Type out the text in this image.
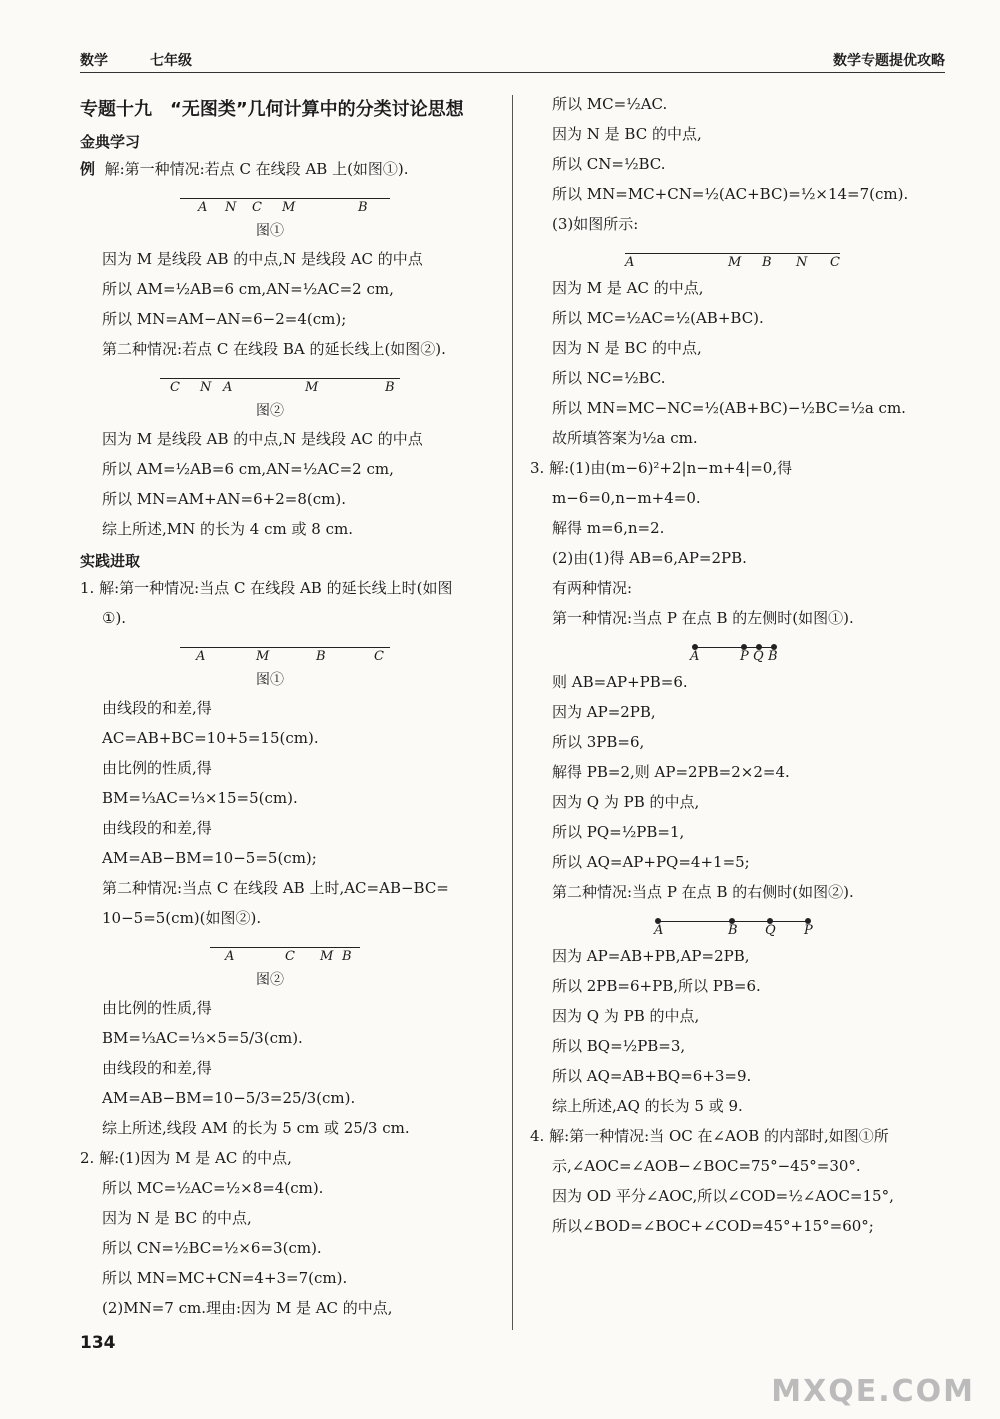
数学	七年级	数学专题提优攻略
专题十九　“无图类”几何计算中的分类讨论思想
金典学习
例 解:第一种情况:若点 C 在线段 AB 上(如图①).
A N C M	B
图①
因为 M 是线段 AB 的中点,N 是线段 AC 的中点
所以 AM=½AB=6 cm,AN=½AC=2 cm,
所以 MN=AM−AN=6−2=4(cm);
第二种情况:若点 C 在线段 BA 的延长线上(如图②).
C N A	M	B
图②
因为 M 是线段 AB 的中点,N 是线段 AC 的中点
所以 AM=½AB=6 cm,AN=½AC=2 cm,
所以 MN=AM+AN=6+2=8(cm).
综上所述,MN 的长为 4 cm 或 8 cm.
实践进取
1. 解:第一种情况:当点 C 在线段 AB 的延长线上时(如图
①).
A	M	B	C
图①
由线段的和差,得
AC=AB+BC=10+5=15(cm).
由比例的性质,得
BM=⅓AC=⅓×15=5(cm).
由线段的和差,得
AM=AB−BM=10−5=5(cm);
第二种情况:当点 C 在线段 AB 上时,AC=AB−BC=
10−5=5(cm)(如图②).
A	C M B
图②
由比例的性质,得
BM=⅓AC=⅓×5=5/3(cm).
由线段的和差,得
AM=AB−BM=10−5/3=25/3(cm).
综上所述,线段 AM 的长为 5 cm 或 25/3 cm.
2. 解:(1)因为 M 是 AC 的中点,
所以 MC=½AC=½×8=4(cm).
因为 N 是 BC 的中点,
所以 CN=½BC=½×6=3(cm).
所以 MN=MC+CN=4+3=7(cm).
(2)MN=7 cm.理由:因为 M 是 AC 的中点,
所以 MC=½AC.
因为 N 是 BC 的中点,
所以 CN=½BC.
所以 MN=MC+CN=½(AC+BC)=½×14=7(cm).
(3)如图所示:
A	M B N C
因为 M 是 AC 的中点,
所以 MC=½AC=½(AB+BC).
因为 N 是 BC 的中点,
所以 NC=½BC.
所以 MN=MC−NC=½(AB+BC)−½BC=½a cm.
故所填答案为½a cm.
3. 解:(1)由(m−6)²+2|n−m+4|=0,得
m−6=0,n−m+4=0.
解得 m=6,n=2.
(2)由(1)得 AB=6,AP=2PB.
有两种情况:
第一种情况:当点 P 在点 B 的左侧时(如图①).
A	P Q B
则 AB=AP+PB=6.
因为 AP=2PB,
所以 3PB=6,
解得 PB=2,则 AP=2PB=2×2=4.
因为 Q 为 PB 的中点,
所以 PQ=½PB=1,
所以 AQ=AP+PQ=4+1=5;
第二种情况:当点 P 在点 B 的右侧时(如图②).
A	B Q P
因为 AP=AB+PB,AP=2PB,
所以 2PB=6+PB,所以 PB=6.
因为 Q 为 PB 的中点,
所以 BQ=½PB=3,
所以 AQ=AB+BQ=6+3=9.
综上所述,AQ 的长为 5 或 9.
4. 解:第一种情况:当 OC 在∠AOB 的内部时,如图①所
示,∠AOC=∠AOB−∠BOC=75°−45°=30°.
因为 OD 平分∠AOC,所以∠COD=½∠AOC=15°,
所以∠BOD=∠BOC+∠COD=45°+15°=60°;
134
MXQE.COM
